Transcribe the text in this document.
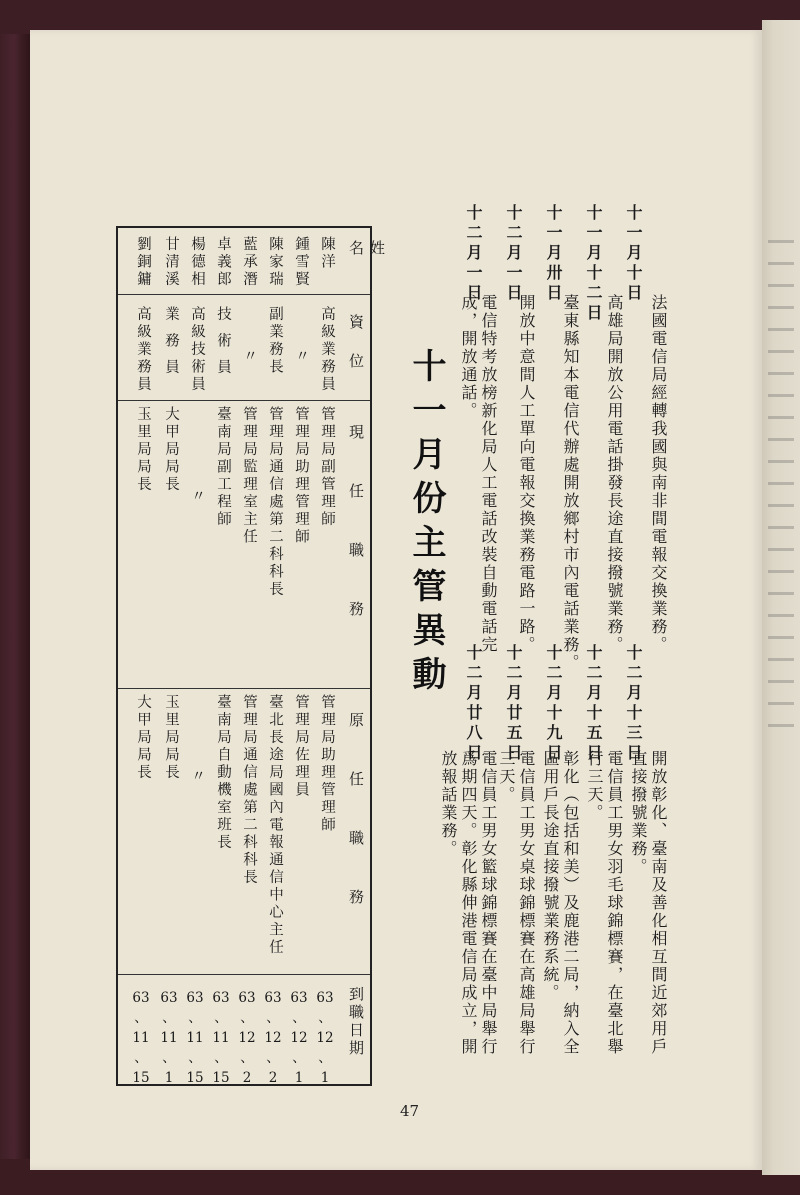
十一月十日
法國電信局經轉我國與南非間電報交換業務。
十一月十二日
高雄局開放公用電話掛發長途直接撥號業務。
十一月卅日
臺東縣知本電信代辦處開放鄉村市內電話業務。
十二月一日
開放中意間人工單向電報交換業務電路一路。
十二月一日
電信特考放榜新化局人工電話改裝自動電話完成，開放通話。
十二月十三日
開放彰化、臺南及善化相互間近郊用戶直接撥號業務。
十二月十五日
電信員工男女羽毛球錦標賽，在臺北舉行三天。
十二月十九日
彰化（包括和美）及鹿港二局，納入全區用戶長途直接撥號業務系統。
十二月廿五日
電信員工男女桌球錦標賽在高雄局舉行三天。
十二月廿八日
電信員工男女籃球錦標賽在臺中局舉行爲期四天。彰化縣伸港電信局成立，開放報話業務。
十一月份主管異動
姓名
資位
現任職務
原任職務
到職日期
陳洋
高級業務員
管理局副管理師
管理局助理管理師
63
、
12
、
1
鍾雪賢
〃
管理局助理管理師
管理局佐理員
63
、
12
、
1
陳家瑞
副業務長
管理局通信處第二科科長
臺北長途局國內電報通信中心主任
63
、
12
、
2
藍承潛
〃
管理局監理室主任
管理局通信處第二科科長
63
、
12
、
2
卓義郎
技術員
臺南局副工程師
臺南局自動機室班長
63
、
11
、
15
楊德相
高級技術員
〃
〃
63
、
11
、
15
甘清溪
業務員
大甲局局長
玉里局局長
63
、
11
、
1
劉銅鏞
高級業務員
玉里局局長
大甲局局長
63
、
11
、
15
47
